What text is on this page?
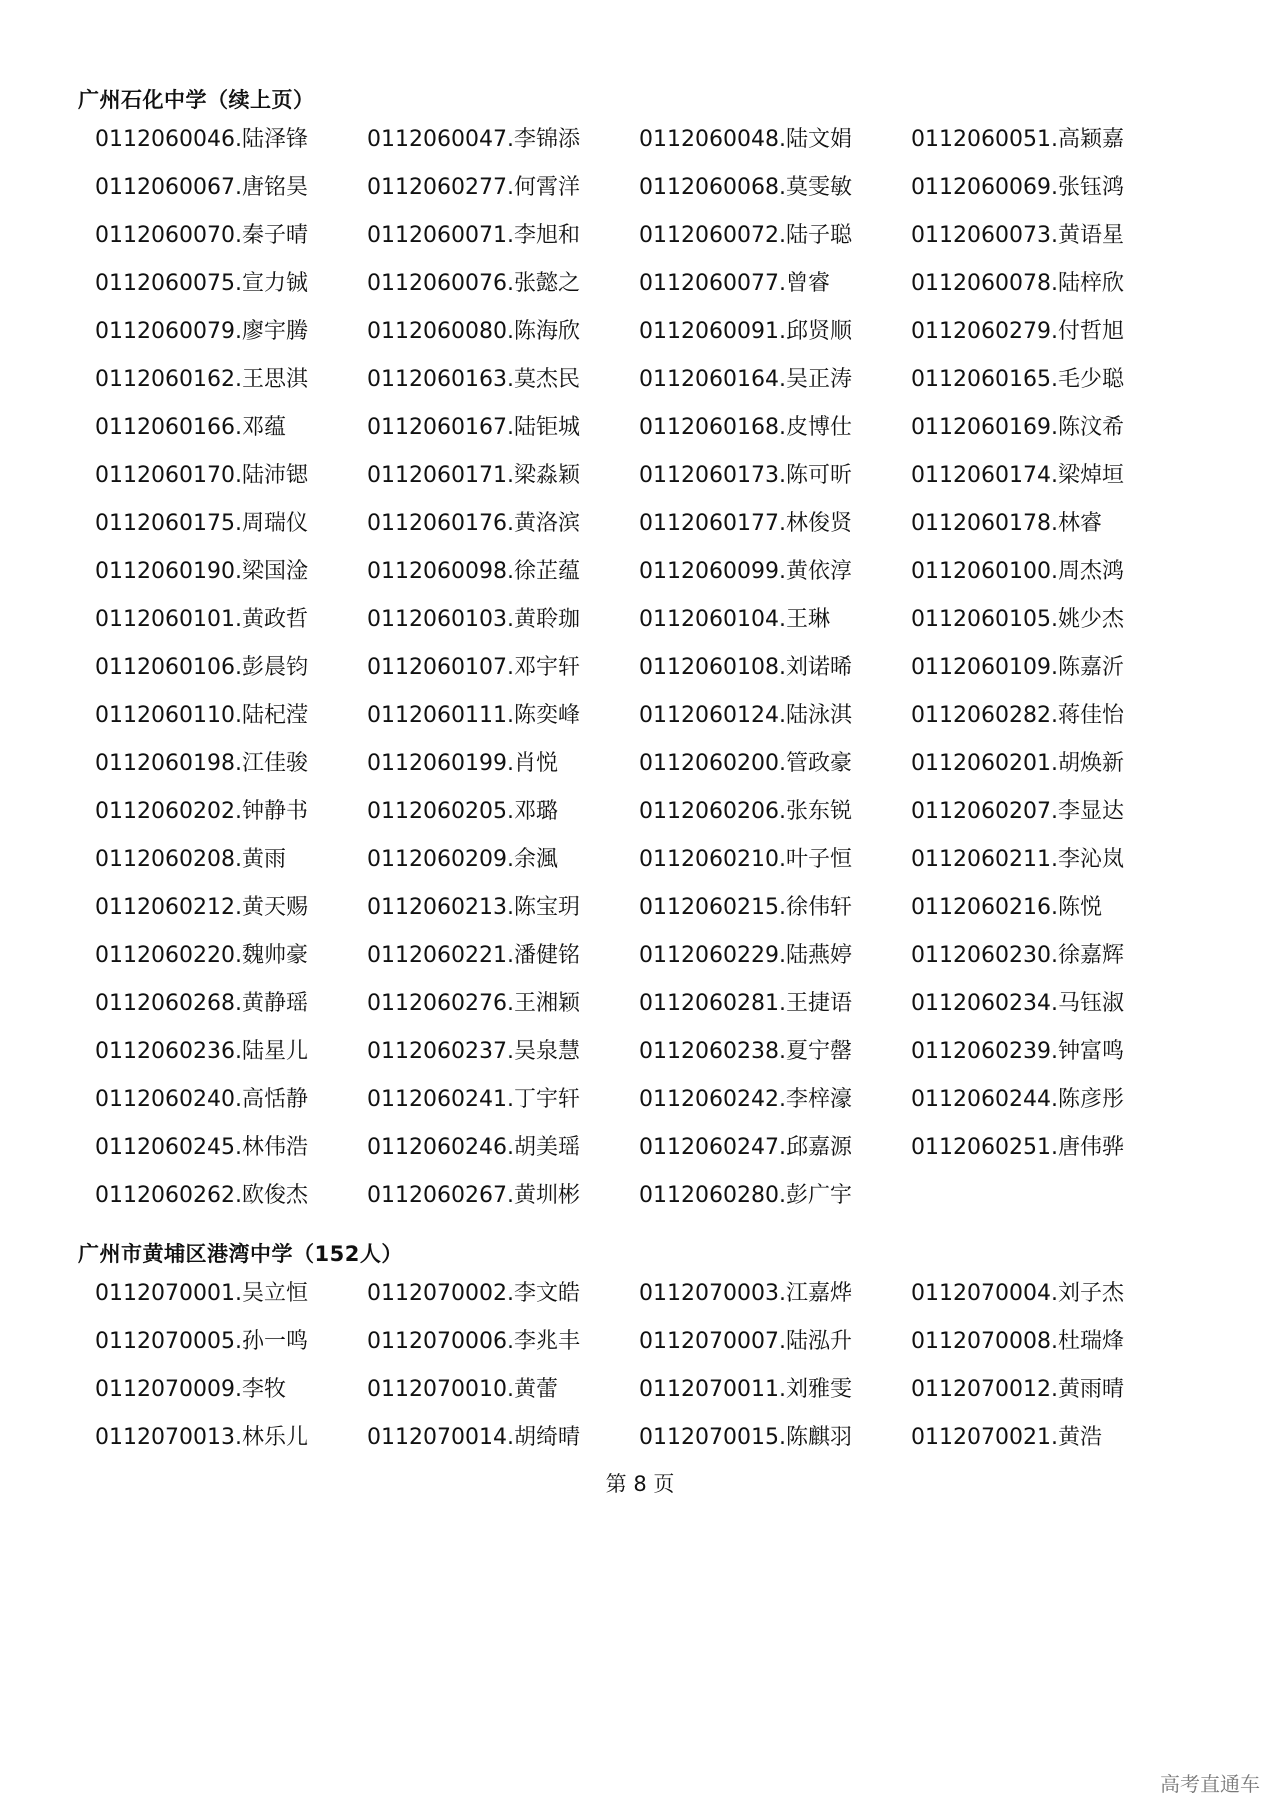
广州石化中学（续上页）
0112060046.陆泽锋	0112060047.李锦添	0112060048.陆文娟	0112060051.高颖嘉
0112060067.唐铭昊	0112060277.何霄洋	0112060068.莫雯敏	0112060069.张钰鸿
0112060070.秦子晴	0112060071.李旭和	0112060072.陆子聪	0112060073.黄语星
0112060075.宣力铖	0112060076.张懿之	0112060077.曾睿	0112060078.陆梓欣
0112060079.廖宇腾	0112060080.陈海欣	0112060091.邱贤顺	0112060279.付哲旭
0112060162.王思淇	0112060163.莫杰民	0112060164.吴正涛	0112060165.毛少聪
0112060166.邓蕴	0112060167.陆钜城	0112060168.皮博仕	0112060169.陈汶希
0112060170.陆沛锶	0112060171.梁淼颖	0112060173.陈可昕	0112060174.梁焯垣
0112060175.周瑞仪	0112060176.黄洛滨	0112060177.林俊贤	0112060178.林睿
0112060190.梁国淦	0112060098.徐芷蕴	0112060099.黄依淳	0112060100.周杰鸿
0112060101.黄政哲	0112060103.黄聆珈	0112060104.王琳	0112060105.姚少杰
0112060106.彭晨钧	0112060107.邓宇轩	0112060108.刘诺晞	0112060109.陈嘉沂
0112060110.陆杞滢	0112060111.陈奕峰	0112060124.陆泳淇	0112060282.蒋佳怡
0112060198.江佳骏	0112060199.肖悦	0112060200.管政豪	0112060201.胡焕新
0112060202.钟静书	0112060205.邓璐	0112060206.张东锐	0112060207.李显达
0112060208.黄雨	0112060209.余渢	0112060210.叶子恒	0112060211.李沁岚
0112060212.黄天赐	0112060213.陈宝玥	0112060215.徐伟轩	0112060216.陈悦
0112060220.魏帅豪	0112060221.潘健铭	0112060229.陆燕婷	0112060230.徐嘉辉
0112060268.黄静瑶	0112060276.王湘颖	0112060281.王捷语	0112060234.马钰淑
0112060236.陆星儿	0112060237.吴泉慧	0112060238.夏宁罄	0112060239.钟富鸣
0112060240.高恬静	0112060241.丁宇轩	0112060242.李梓濠	0112060244.陈彦彤
0112060245.林伟浩	0112060246.胡美瑶	0112060247.邱嘉源	0112060251.唐伟骅
0112060262.欧俊杰	0112060267.黄圳彬	0112060280.彭广宇
广州市黄埔区港湾中学（152人）
0112070001.吴立恒	0112070002.李文皓	0112070003.江嘉烨	0112070004.刘子杰
0112070005.孙一鸣	0112070006.李兆丰	0112070007.陆泓升	0112070008.杜瑞烽
0112070009.李牧	0112070010.黄蕾	0112070011.刘雅雯	0112070012.黄雨晴
0112070013.林乐儿	0112070014.胡绮晴	0112070015.陈麒羽	0112070021.黄浩
第 8 页
高考直通车
